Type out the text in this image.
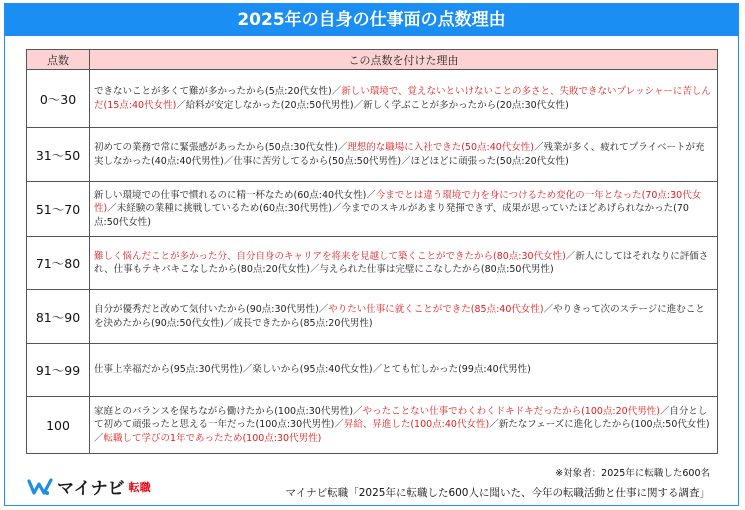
2025年の自身の仕事面の点数理由
点数	この点数を付けた理由
0～30	できないことが多くて難が多かったから(5点:20代女性)／新しい環境で、覚えないといけないことの多さと、失敗できないプレッシャーに苦しんだ(15点:40代女性)／給料が安定しなかった(20点:50代男性)／新しく学ぶことが多かったから(20点:30代女性)
31～50	初めての業務で常に緊張感があったから(50点:30代女性)／理想的な職場に入社できた(50点:40代女性)／残業が多く、疲れてプライベートが充実しなかった(40点:40代男性)／仕事に苦労してるから(50点:50代男性)／ほどほどに頑張った(50点:20代女性)
51～70	新しい環境での仕事で慣れるのに精一杯なため(60点:40代女性)／今までとは違う環境で力を身につけるため変化の一年となった(70点:30代女性)／未経験の業種に挑戦しているため(60点:30代男性)／今までのスキルがあまり発揮できず、成果が思っていたほどあげられなかった(70点:50代女性)
71～80	難しく悩んだことが多かった分、自分自身のキャリアを将来を見越して築くことができたから(80点:30代女性)／新人にしてはそれなりに評価され、仕事もテキパキこなしたから(80点:20代女性)／与えられた仕事は完璧にこなしたから(80点:50代男性)
81～90	自分が優秀だと改めて気付いたから(90点:30代男性)／やりたい仕事に就くことができた(85点:40代女性)／やりきって次のステージに進むことを決めたから(90点:50代女性)／成長できたから(85点:20代男性)
91～99	仕事上幸福だから(95点:30代男性)／楽しいから(95点:40代女性)／とても忙しかった(99点:40代男性)
100	家庭とのバランスを保ちながら働けたから(100点:30代男性)／やったことない仕事でわくわくドキドキだったから(100点:20代男性)／自分として初めて頑張ったと思える一年だった(100点:30代男性)／昇給、昇進した(100点:40代女性)／新たなフェーズに進化したから(100点:50代女性)／転職して学びの1年であったため(100点:30代男性)
マイナビ 転職
※対象者：2025年に転職した600名
マイナビ転職「2025年に転職した600人に聞いた、今年の転職活動と仕事に関する調査」
